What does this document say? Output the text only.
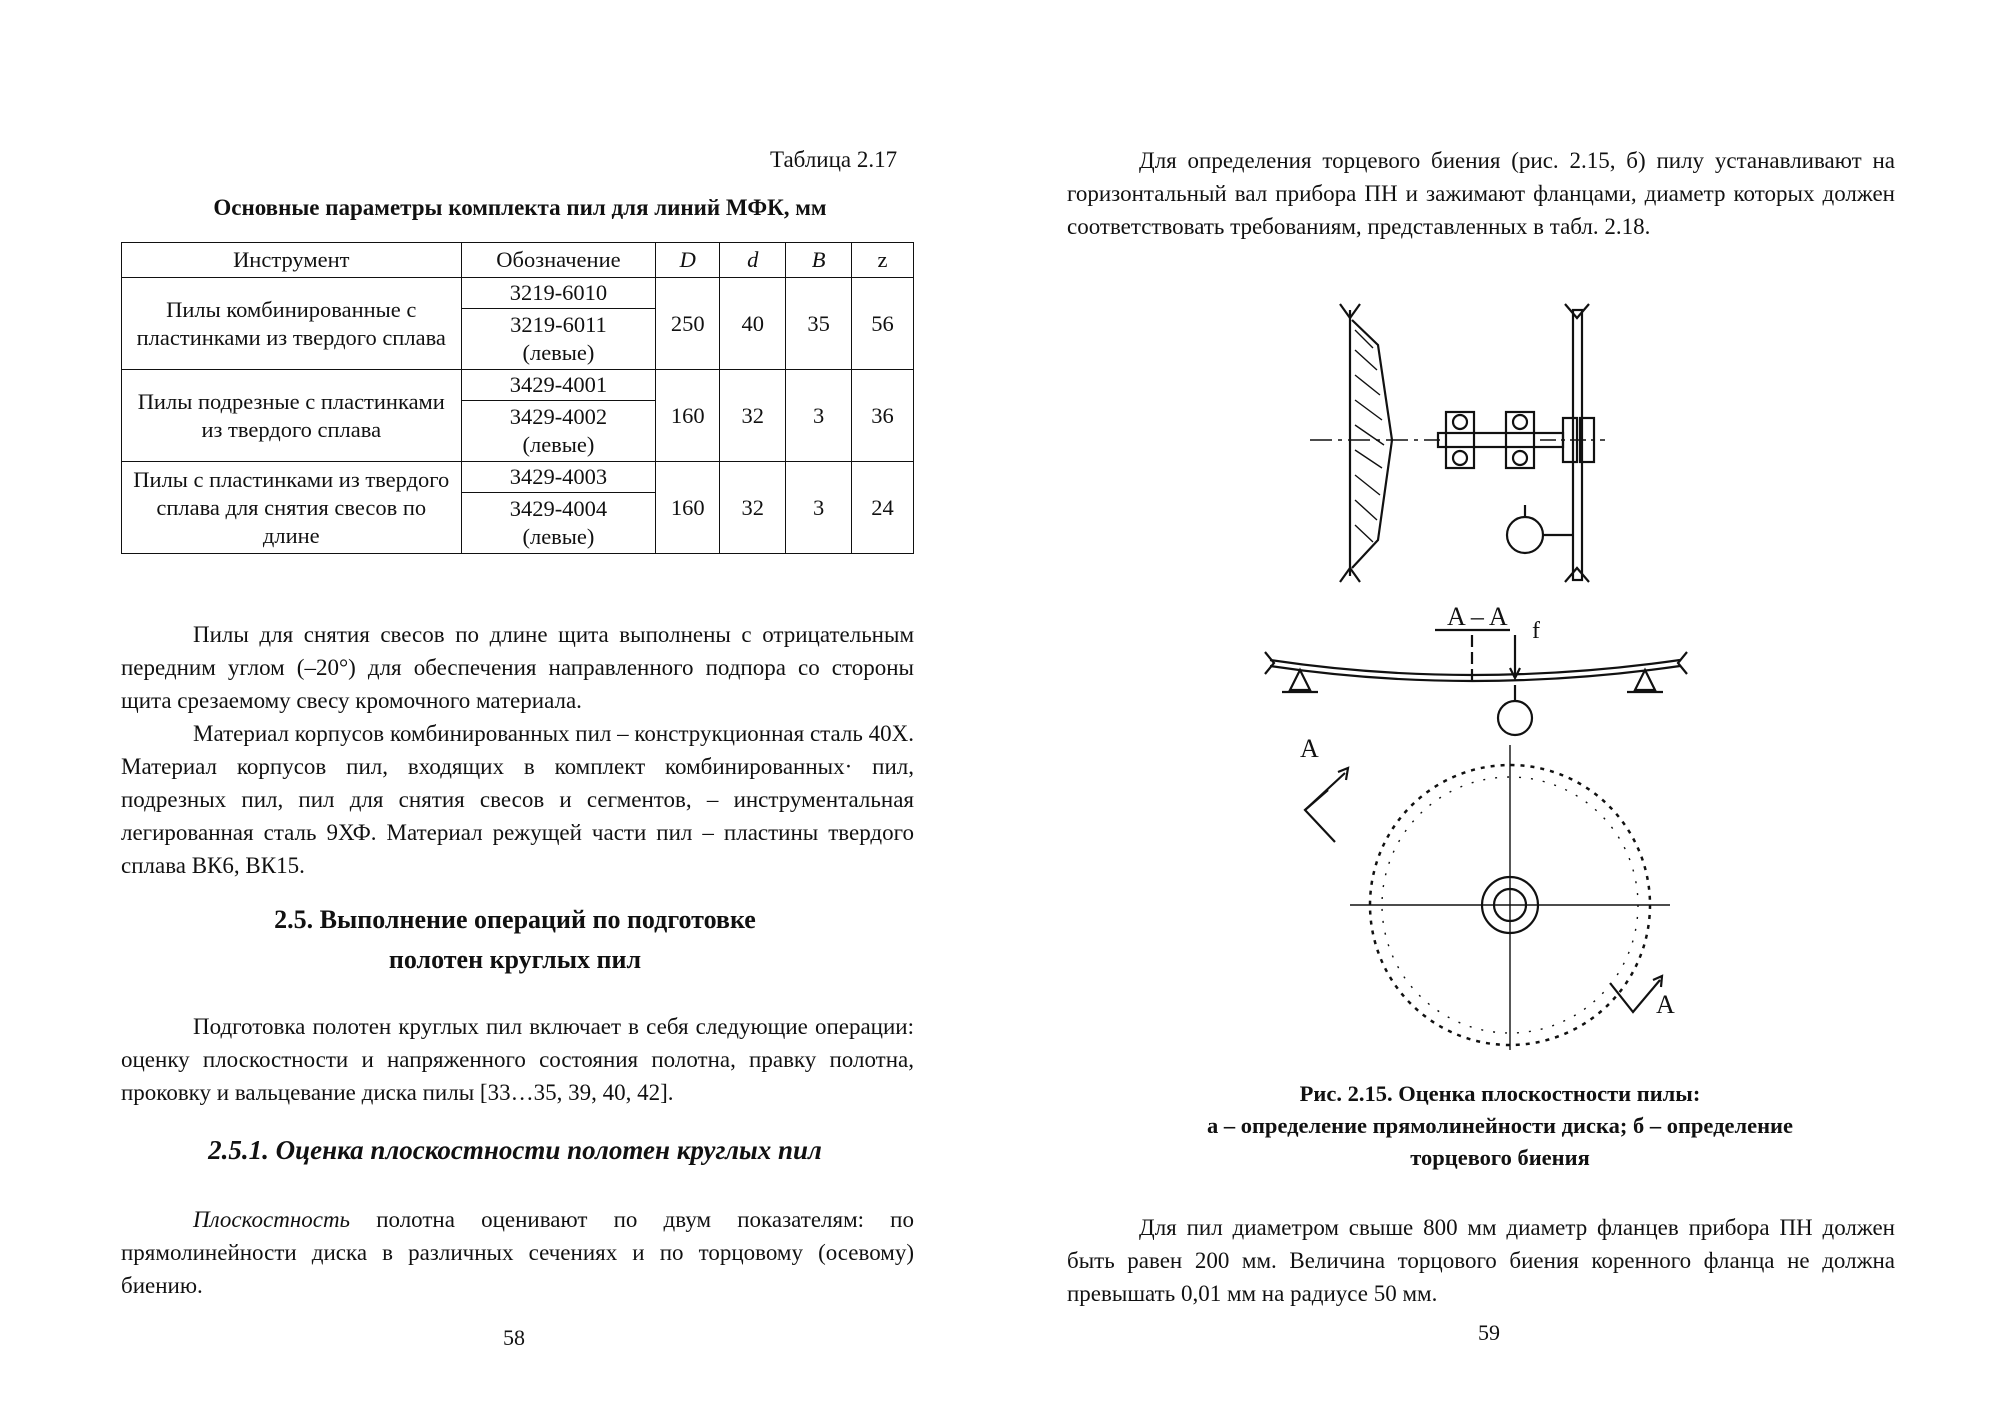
Таблица 2.17
Основные параметры комплекта пил для линий МФК, мм
Инструмент	Обозначение	D	d	B	z
Пилы комбинированные с пластинками из твердого сплава	3219-6010	250	40	35	56
	3219-6011
(левые)				
Пилы подрезные с пластинками из твердого сплава	3429-4001	160	32	3	36
	3429-4002
(левые)				
Пилы с пластинками из твердого сплава для снятия свесов по длине	3429-4003	160	32	3	24
	3429-4004
(левые)				
Пилы для снятия свесов по длине щита выполнены с отрицательным передним углом (–20°) для обеспечения направленного подпора со стороны щита срезаемому свесу кромочного материала.
Материал корпусов комбинированных пил – конструкционная сталь 40Х. Материал корпусов пил, входящих в комплект комбинированных· пил, подрезных пил, пил для снятия свесов и сегментов, – инструментальная легированная сталь 9ХФ. Материал режущей части пил – пластины твердого сплава ВК6, ВК15.
2.5. Выполнение операций по подготовке
полотен круглых пил
Подготовка полотен круглых пил включает в себя следующие операции: оценку плоскостности и напряженного состояния полотна, правку полотна, проковку и вальцевание диска пилы [33…35, 39, 40, 42].
2.5.1. Оценка плоскостности полотен круглых пил
Плоскостность полотна оценивают по двум показателям: по прямолинейности диска в различных сечениях и по торцовому (осевому) биению.
58
Для определения торцевого биения (рис. 2.15, б) пилу устанавливают на горизонтальный вал прибора ПН и зажимают фланцами, диаметр которых должен соответствовать требованиям, представленных в табл. 2.18.
A – A f
A
A
Рис. 2.15. Оценка плоскостности пилы:
а – определение прямолинейности диска; б – определение
торцевого биения
Для пил диаметром свыше 800 мм диаметр фланцев прибора ПН должен быть равен 200 мм. Величина торцового биения коренного фланца не должна превышать 0,01 мм на радиусе 50 мм.
59
